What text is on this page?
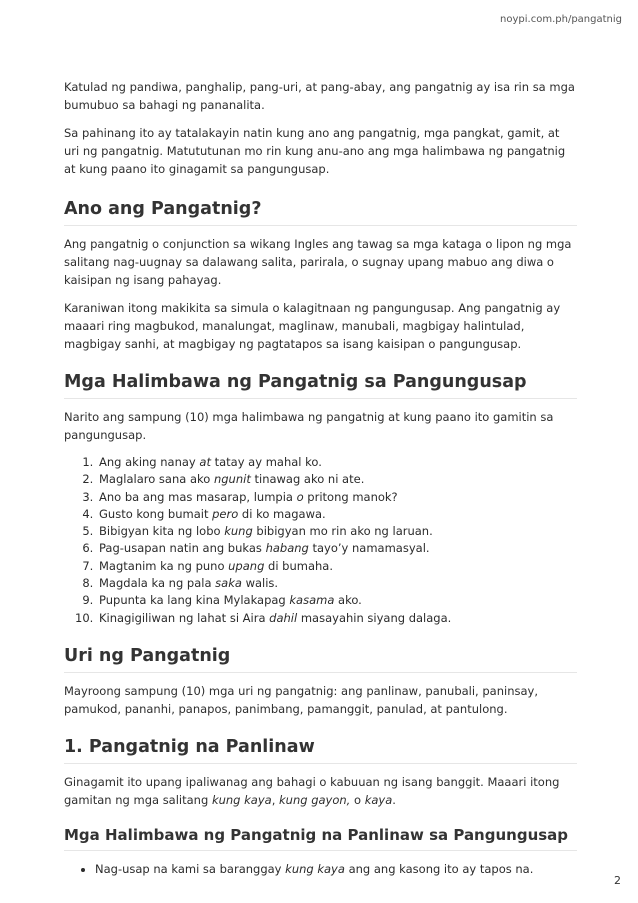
noypi.com.ph/pangatnig

Katulad ng pandiwa, panghalip, pang-uri, at pang-abay, ang pangatnig ay isa rin sa mga bumubuo sa bahagi ng pananalita.

Sa pahinang ito ay tatalakayin natin kung ano ang pangatnig, mga pangkat, gamit, at uri ng pangatnig. Matututunan mo rin kung anu-ano ang mga halimbawa ng pangatnig at kung paano ito ginagamit sa pangungusap.

Ano ang Pangatnig?

Ang pangatnig o conjunction sa wikang Ingles ang tawag sa mga kataga o lipon ng mga salitang nag-uugnay sa dalawang salita, parirala, o sugnay upang mabuo ang diwa o kaisipan ng isang pahayag.

Karaniwan itong makikita sa simula o kalagitnaan ng pangungusap. Ang pangatnig ay maaari ring magbukod, manalungat, maglinaw, manubali, magbigay halintulad, magbigay sanhi, at magbigay ng pagtatapos sa isang kaisipan o pangungusap.

Mga Halimbawa ng Pangatnig sa Pangungusap

Narito ang sampung (10) mga halimbawa ng pangatnig at kung paano ito gamitin sa pangungusap.

1. Ang aking nanay at tatay ay mahal ko.
2. Maglalaro sana ako ngunit tinawag ako ni ate.
3. Ano ba ang mas masarap, lumpia o pritong manok?
4. Gusto kong bumait pero di ko magawa.
5. Bibigyan kita ng lobo kung bibigyan mo rin ako ng laruan.
6. Pag-usapan natin ang bukas habang tayo’y namamasyal.
7. Magtanim ka ng puno upang di bumaha.
8. Magdala ka ng pala saka walis.
9. Pupunta ka lang kina Mylakapag kasama ako.
10. Kinagigiliwan ng lahat si Aira dahil masayahin siyang dalaga.
Uri ng Pangatnig

Mayroong sampung (10) mga uri ng pangatnig: ang panlinaw, panubali, paninsay, pamukod, pananhi, panapos, panimbang, pamanggit, panulad, at pantulong.

1. Pangatnig na Panlinaw

Ginagamit ito upang ipaliwanag ang bahagi o kabuuan ng isang banggit. Maaari itong gamitan ng mga salitang kung kaya, kung gayon, o kaya.

Mga Halimbawa ng Pangatnig na Panlinaw sa Pangungusap
• Nag-usap na kami sa baranggay kung kaya ang ang kasong ito ay tapos na.
2
